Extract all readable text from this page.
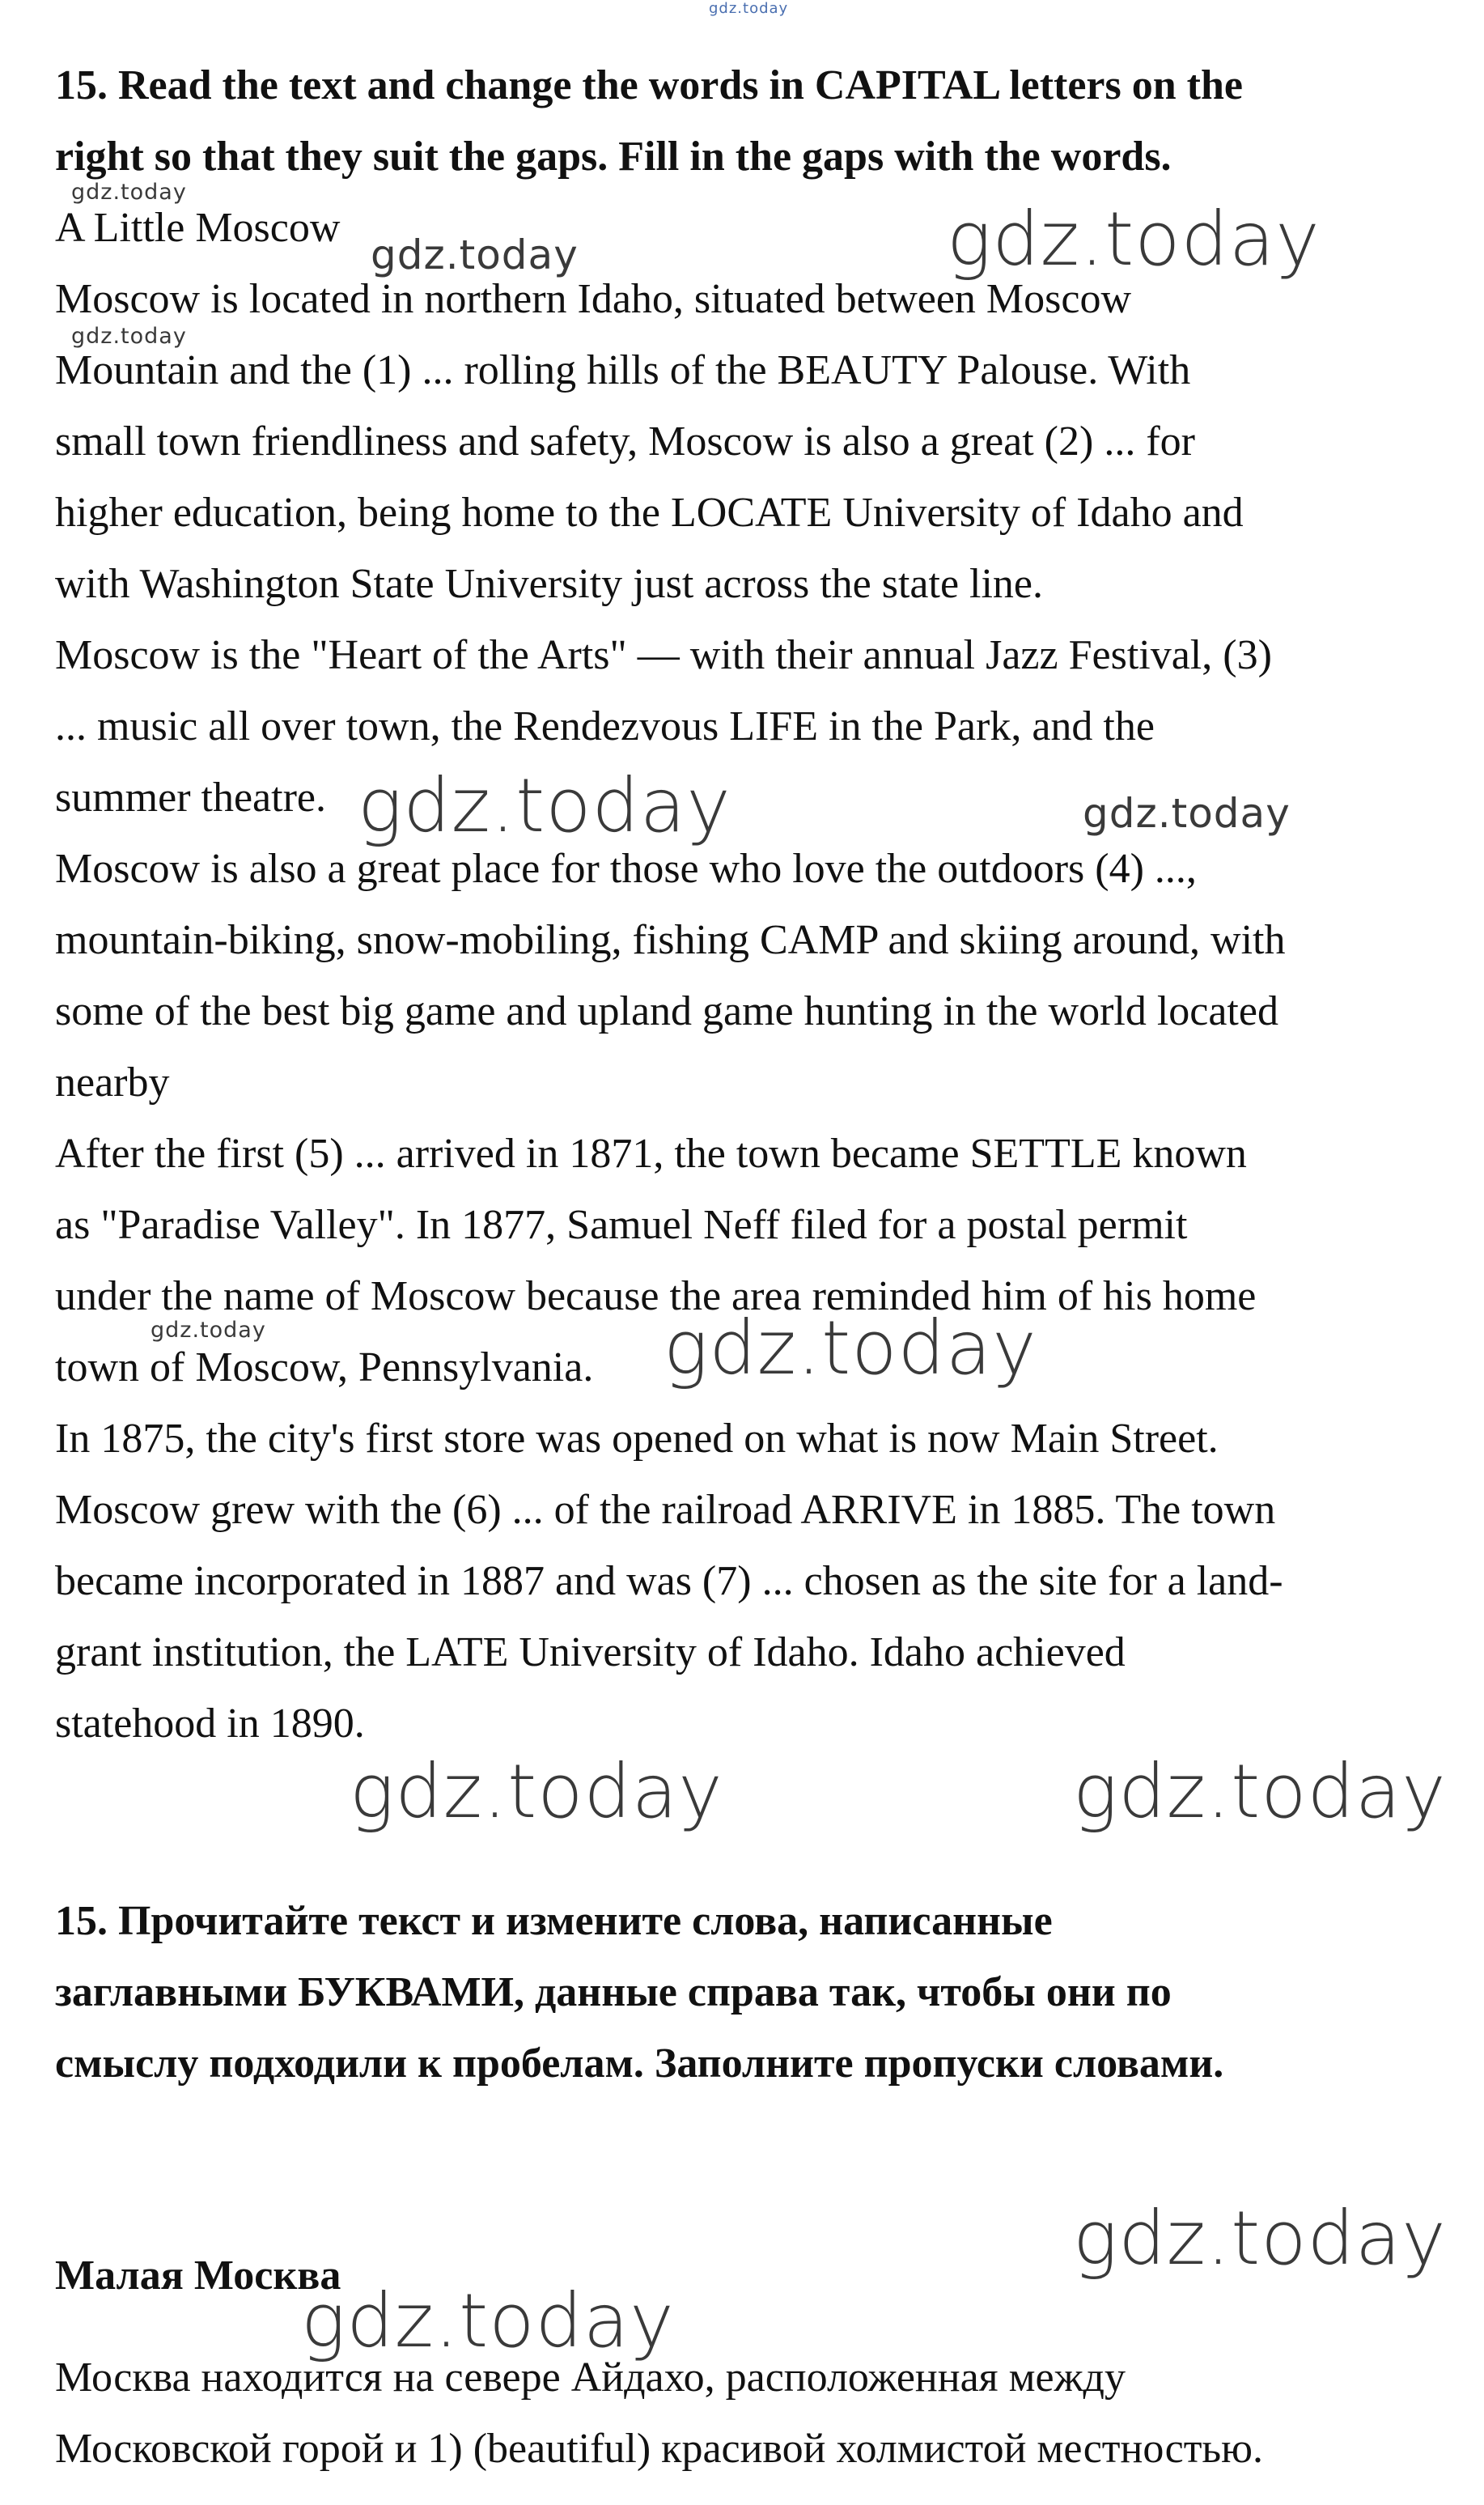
15. Read the text and change the words in CAPITAL letters on the

right so that they suit the gaps. Fill in the gaps with the words.

A Little Moscow

Moscow is located in northern Idaho, situated between Moscow

Mountain and the (1) ... rolling hills of the BEAUTY Palouse. With

small town friendliness and safety, Moscow is also a great (2) ... for

higher education, being home to the LOCATE University of Idaho and

with Washington State University just across the state line.

Moscow is the "Heart of the Arts" — with their annual Jazz Festival, (3)

... music all over town, the Rendezvous LIFE in the Park, and the

summer theatre.

Moscow is also a great place for those who love the outdoors (4) ...,

mountain-biking, snow-mobiling, fishing CAMP and skiing around, with

some of the best big game and upland game hunting in the world located

nearby

After the first (5) ... arrived in 1871, the town became SETTLE known

as "Paradise Valley". In 1877, Samuel Neff filed for a postal permit

under the name of Moscow because the area reminded him of his home

town of Moscow, Pennsylvania.

In 1875, the city's first store was opened on what is now Main Street.

Moscow grew with the (6) ... of the railroad ARRIVE in 1885. The town

became incorporated in 1887 and was (7) ... chosen as the site for a land-

grant institution, the LATE University of Idaho. Idaho achieved

statehood in 1890.

15. Прочитайте текст и измените слова, написанные

заглавными БУКВАМИ, данные справа так, чтобы они по

смыслу подходили к пробелам. Заполните пропуски словами.

Малая Москва

Москва находится на севере Айдахо, расположенная между

Московской горой и 1) (beautiful) красивой холмистой местностью.

gdz.today
gdz.today
gdz.today	gdz.today
gdz.today
gdz.today	gdz.today
gdz.today	gdz.today
gdz.today	gdz.today
gdz.today
gdz.today
